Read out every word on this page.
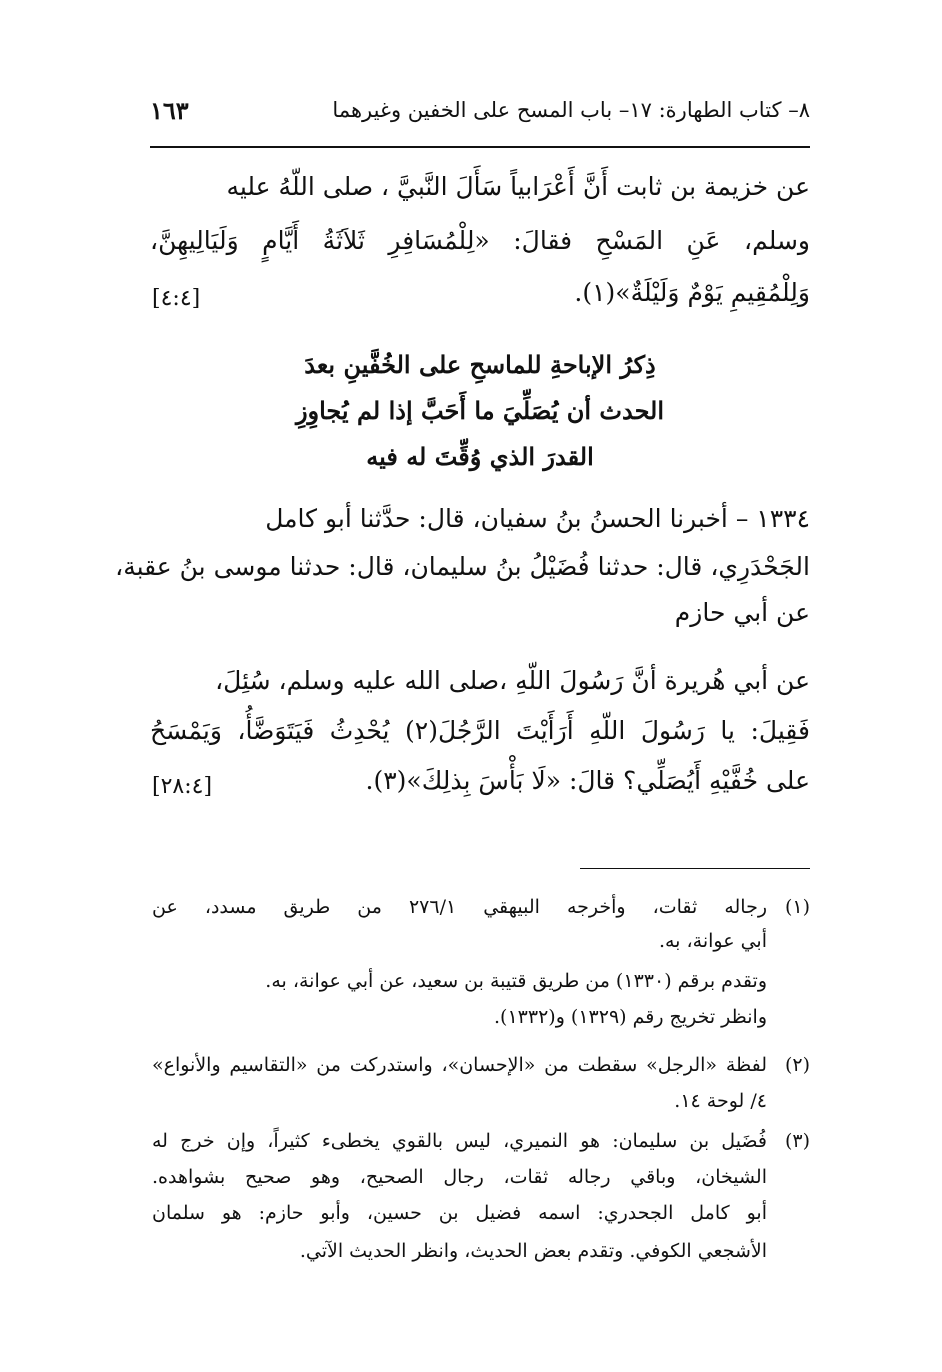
٨– كتاب الطهارة: ١٧– باب المسح على الخفين وغيرهما
١٦٣
عن خزيمة بن ثابت أَنَّ أَعْرَابياً سَأَلَ النَّبيَّ ، صلى اللّهُ عليه
وسلم، عَنِ المَسْحِ فقالَ: «لِلْمُسَافِرِ ثَلاَثَةُ أَيَّامٍ وَلَيَالِيهِنَّ،
وَلِلْمُقِيمِ يَوْمٌ وَلَيْلَةٌ»(١).
[٤:٤]
ذِكرُ الإباحةِ للماسحِ على الخُفَّينِ بعدَ
الحدث أن يُصَلِّيَ ما أَحَبَّ إذا لم يُجاوِزِ
القدرَ الذي وُقِّتَ له فيه
١٣٣٤ – أخبرنا الحسنُ بنُ سفيان، قال: حدَّثنا أبو كامل
الجَحْدَرِي، قال: حدثنا فُضَيْلُ بنُ سليمان، قال: حدثنا موسى بنُ عقبة،
عن أبي حازم
عن أبي هُريرة أنَّ رَسُولَ اللّهِ ،صلى الله عليه وسلم، سُئِلَ،
فَقِيلَ: يا رَسُولَ اللّهِ أَرَأَيْتَ الرَّجُلَ(٢) يُحْدِثُ فَيَتَوَضَّأُ، وَيَمْسَحُ
على خُفَّيْهِ أَيُصَلِّي؟ قالَ: «لَا بَأْسَ بِذلِكَ»(٣).
[٢٨:٤]
(١)
رجاله ثقات، وأخرجه البيهقي ٢٧٦/١ من طريق مسدد، عن
أبي عوانة، به.
وتقدم برقم (١٣٣٠) من طريق قتيبة بن سعيد، عن أبي عوانة، به.
وانظر تخريج رقم (١٣٢٩) و(١٣٣٢).
(٢)
لفظة «الرجل» سقطت من «الإحسان»، واستدركت من «التقاسيم والأنواع»
٤/ لوحة ١٤.
(٣)
فُضَيل بن سليمان: هو النميري، ليس بالقوي يخطىء كثيراً، وإن خرج له
الشيخان، وباقي رجاله ثقات، رجال الصحيح، وهو صحيح بشواهده.
أبو كامل الجحدري: اسمه فضيل بن حسين، وأبو حازم: هو سلمان
الأشجعي الكوفي. وتقدم بعض الحديث، وانظر الحديث الآتي.
